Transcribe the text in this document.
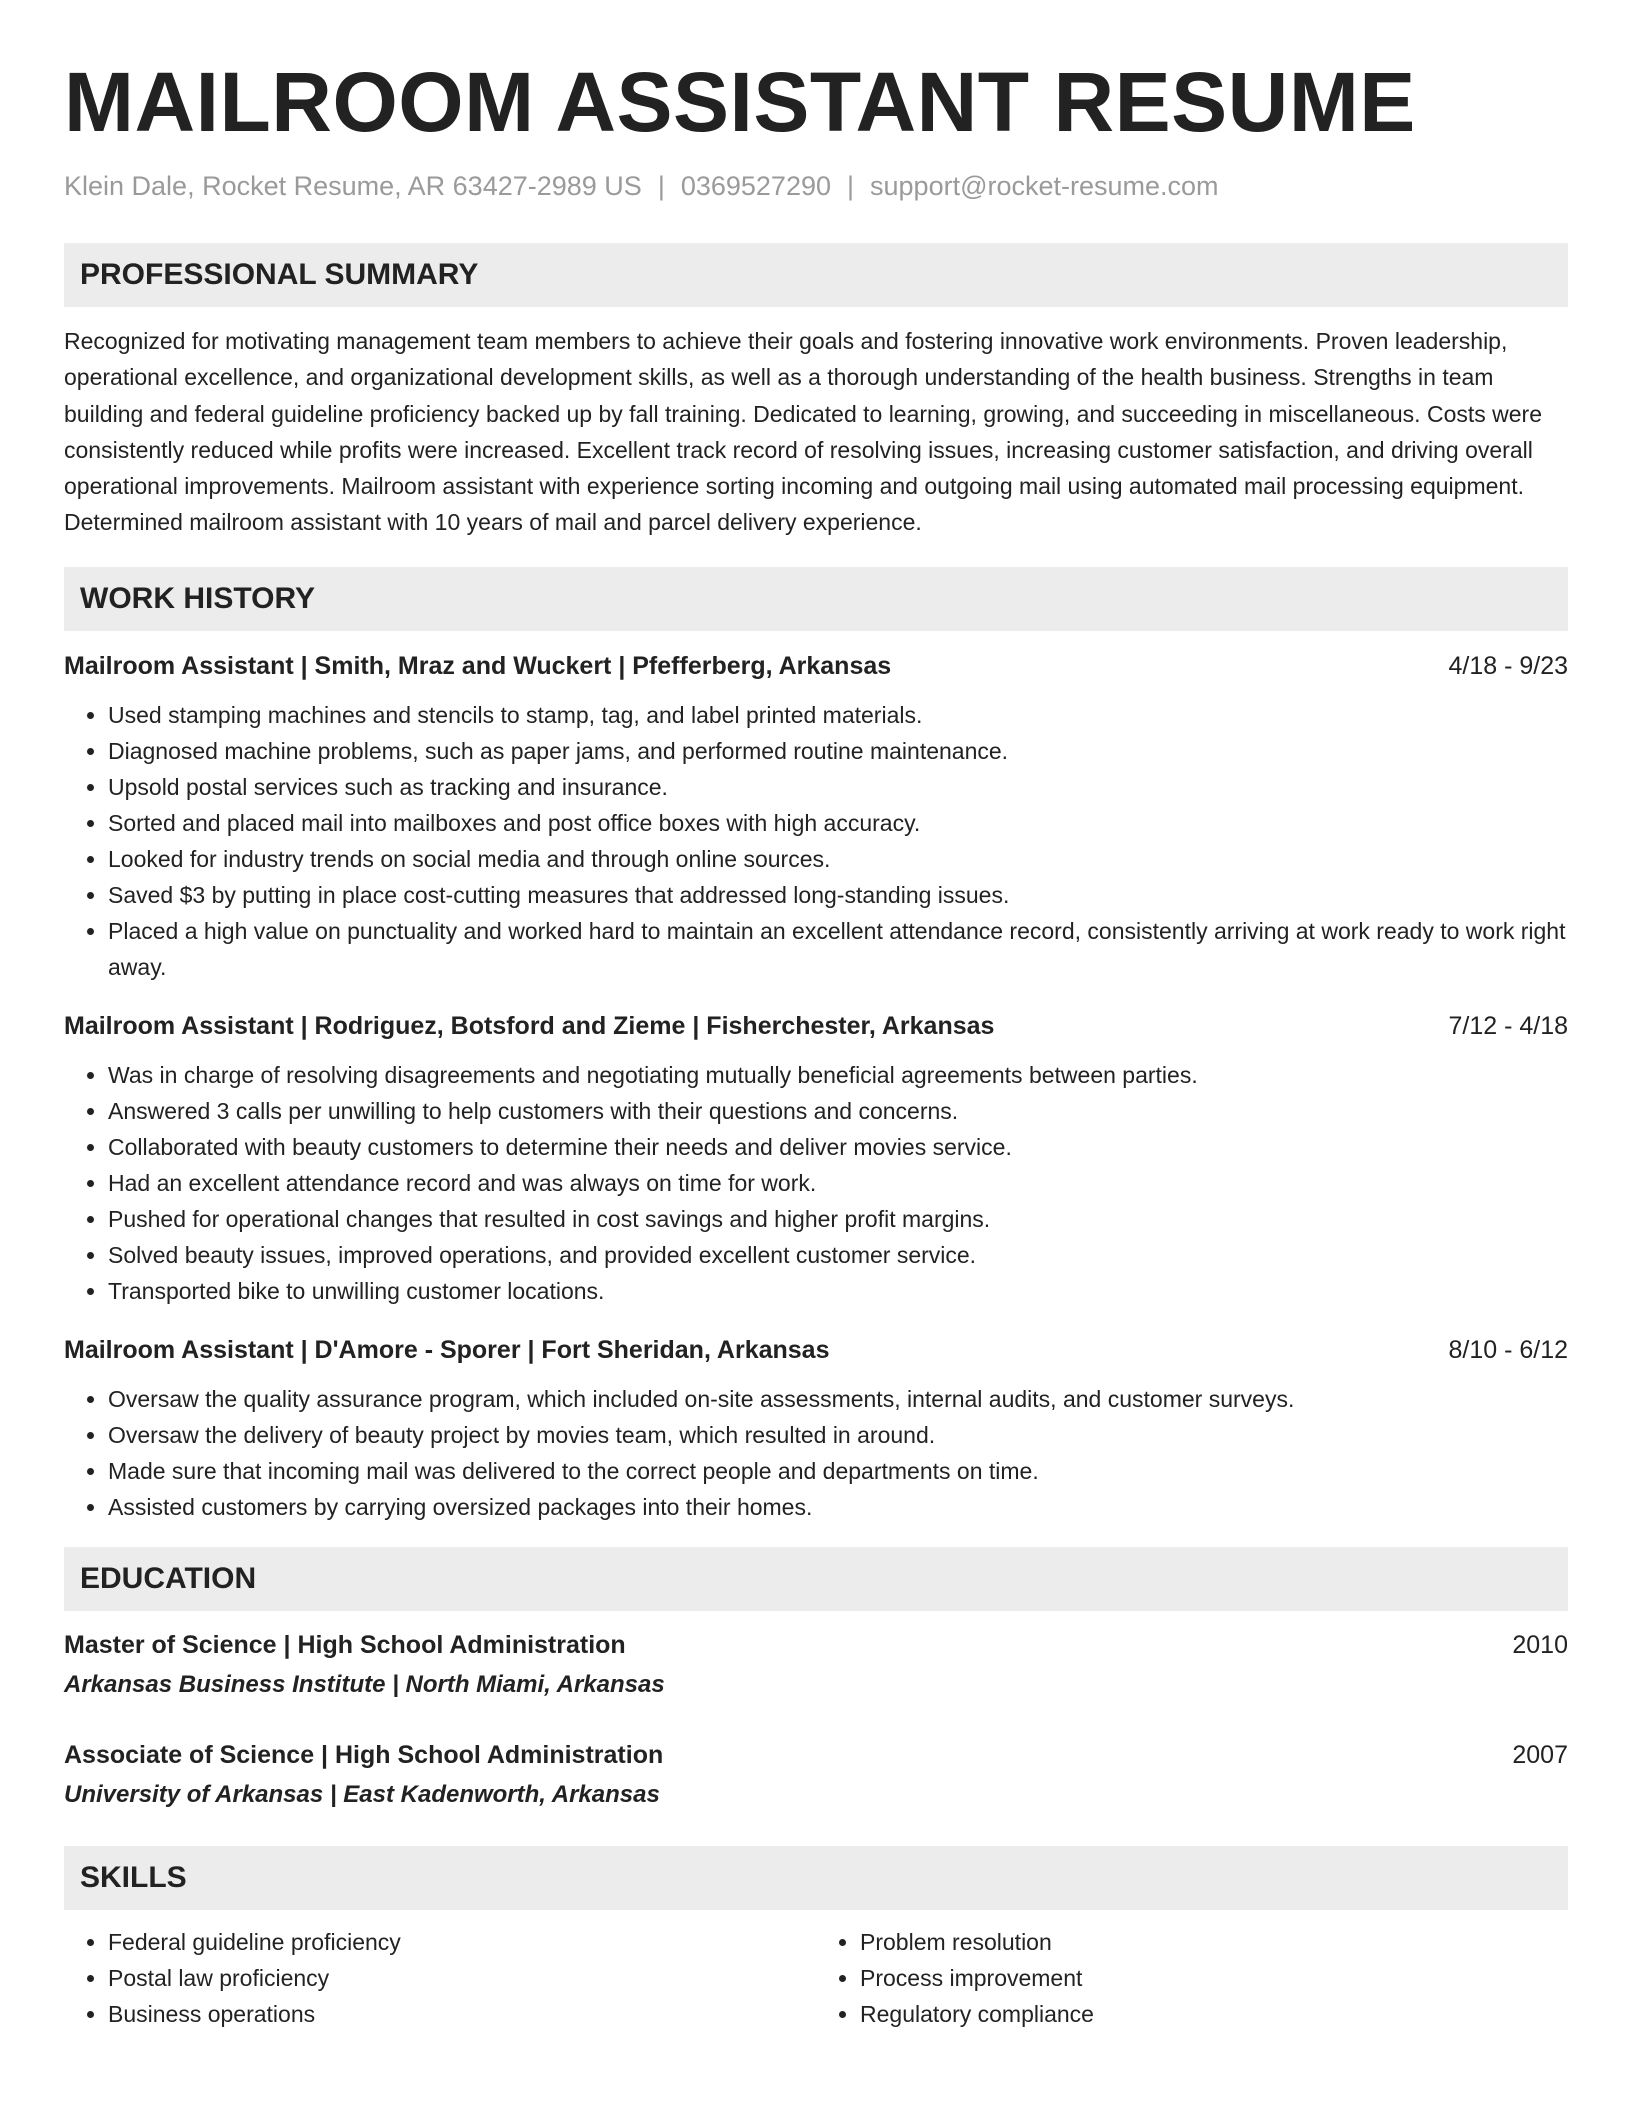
MAILROOM ASSISTANT RESUME
Klein Dale, Rocket Resume, AR 63427-2989 US | 0369527290 | support@rocket-resume.com
PROFESSIONAL SUMMARY

Recognized for motivating management team members to achieve their goals and fostering innovative work environments. Proven leadership, operational excellence, and organizational development skills, as well as a thorough understanding of the health business. Strengths in team building and federal guideline proficiency backed up by fall training. Dedicated to learning, growing, and succeeding in miscellaneous. Costs were consistently reduced while profits were increased. Excellent track record of resolving issues, increasing customer satisfaction, and driving overall operational improvements. Mailroom assistant with experience sorting incoming and outgoing mail using automated mail processing equipment. Determined mailroom assistant with 10 years of mail and parcel delivery experience.

WORK HISTORY
Mailroom Assistant | Smith, Mraz and Wuckert | Pfefferberg, Arkansas	4/18 - 9/23
• Used stamping machines and stencils to stamp, tag, and label printed materials.
• Diagnosed machine problems, such as paper jams, and performed routine maintenance.
• Upsold postal services such as tracking and insurance.
• Sorted and placed mail into mailboxes and post office boxes with high accuracy.
• Looked for industry trends on social media and through online sources.
• Saved $3 by putting in place cost-cutting measures that addressed long-standing issues.
• Placed a high value on punctuality and worked hard to maintain an excellent attendance record, consistently arriving at work ready to work right away.
Mailroom Assistant | Rodriguez, Botsford and Zieme | Fisherchester, Arkansas	7/12 - 4/18
• Was in charge of resolving disagreements and negotiating mutually beneficial agreements between parties.
• Answered 3 calls per unwilling to help customers with their questions and concerns.
• Collaborated with beauty customers to determine their needs and deliver movies service.
• Had an excellent attendance record and was always on time for work.
• Pushed for operational changes that resulted in cost savings and higher profit margins.
• Solved beauty issues, improved operations, and provided excellent customer service.
• Transported bike to unwilling customer locations.
Mailroom Assistant | D'Amore - Sporer | Fort Sheridan, Arkansas	8/10 - 6/12
• Oversaw the quality assurance program, which included on-site assessments, internal audits, and customer surveys.
• Oversaw the delivery of beauty project by movies team, which resulted in around.
• Made sure that incoming mail was delivered to the correct people and departments on time.
• Assisted customers by carrying oversized packages into their homes.
EDUCATION
Master of Science | High School Administration	2010
Arkansas Business Institute | North Miami, Arkansas
Associate of Science | High School Administration	2007
University of Arkansas | East Kadenworth, Arkansas
SKILLS
• Federal guideline proficiency
• Postal law proficiency
• Business operations
• Problem resolution
• Process improvement
• Regulatory compliance
